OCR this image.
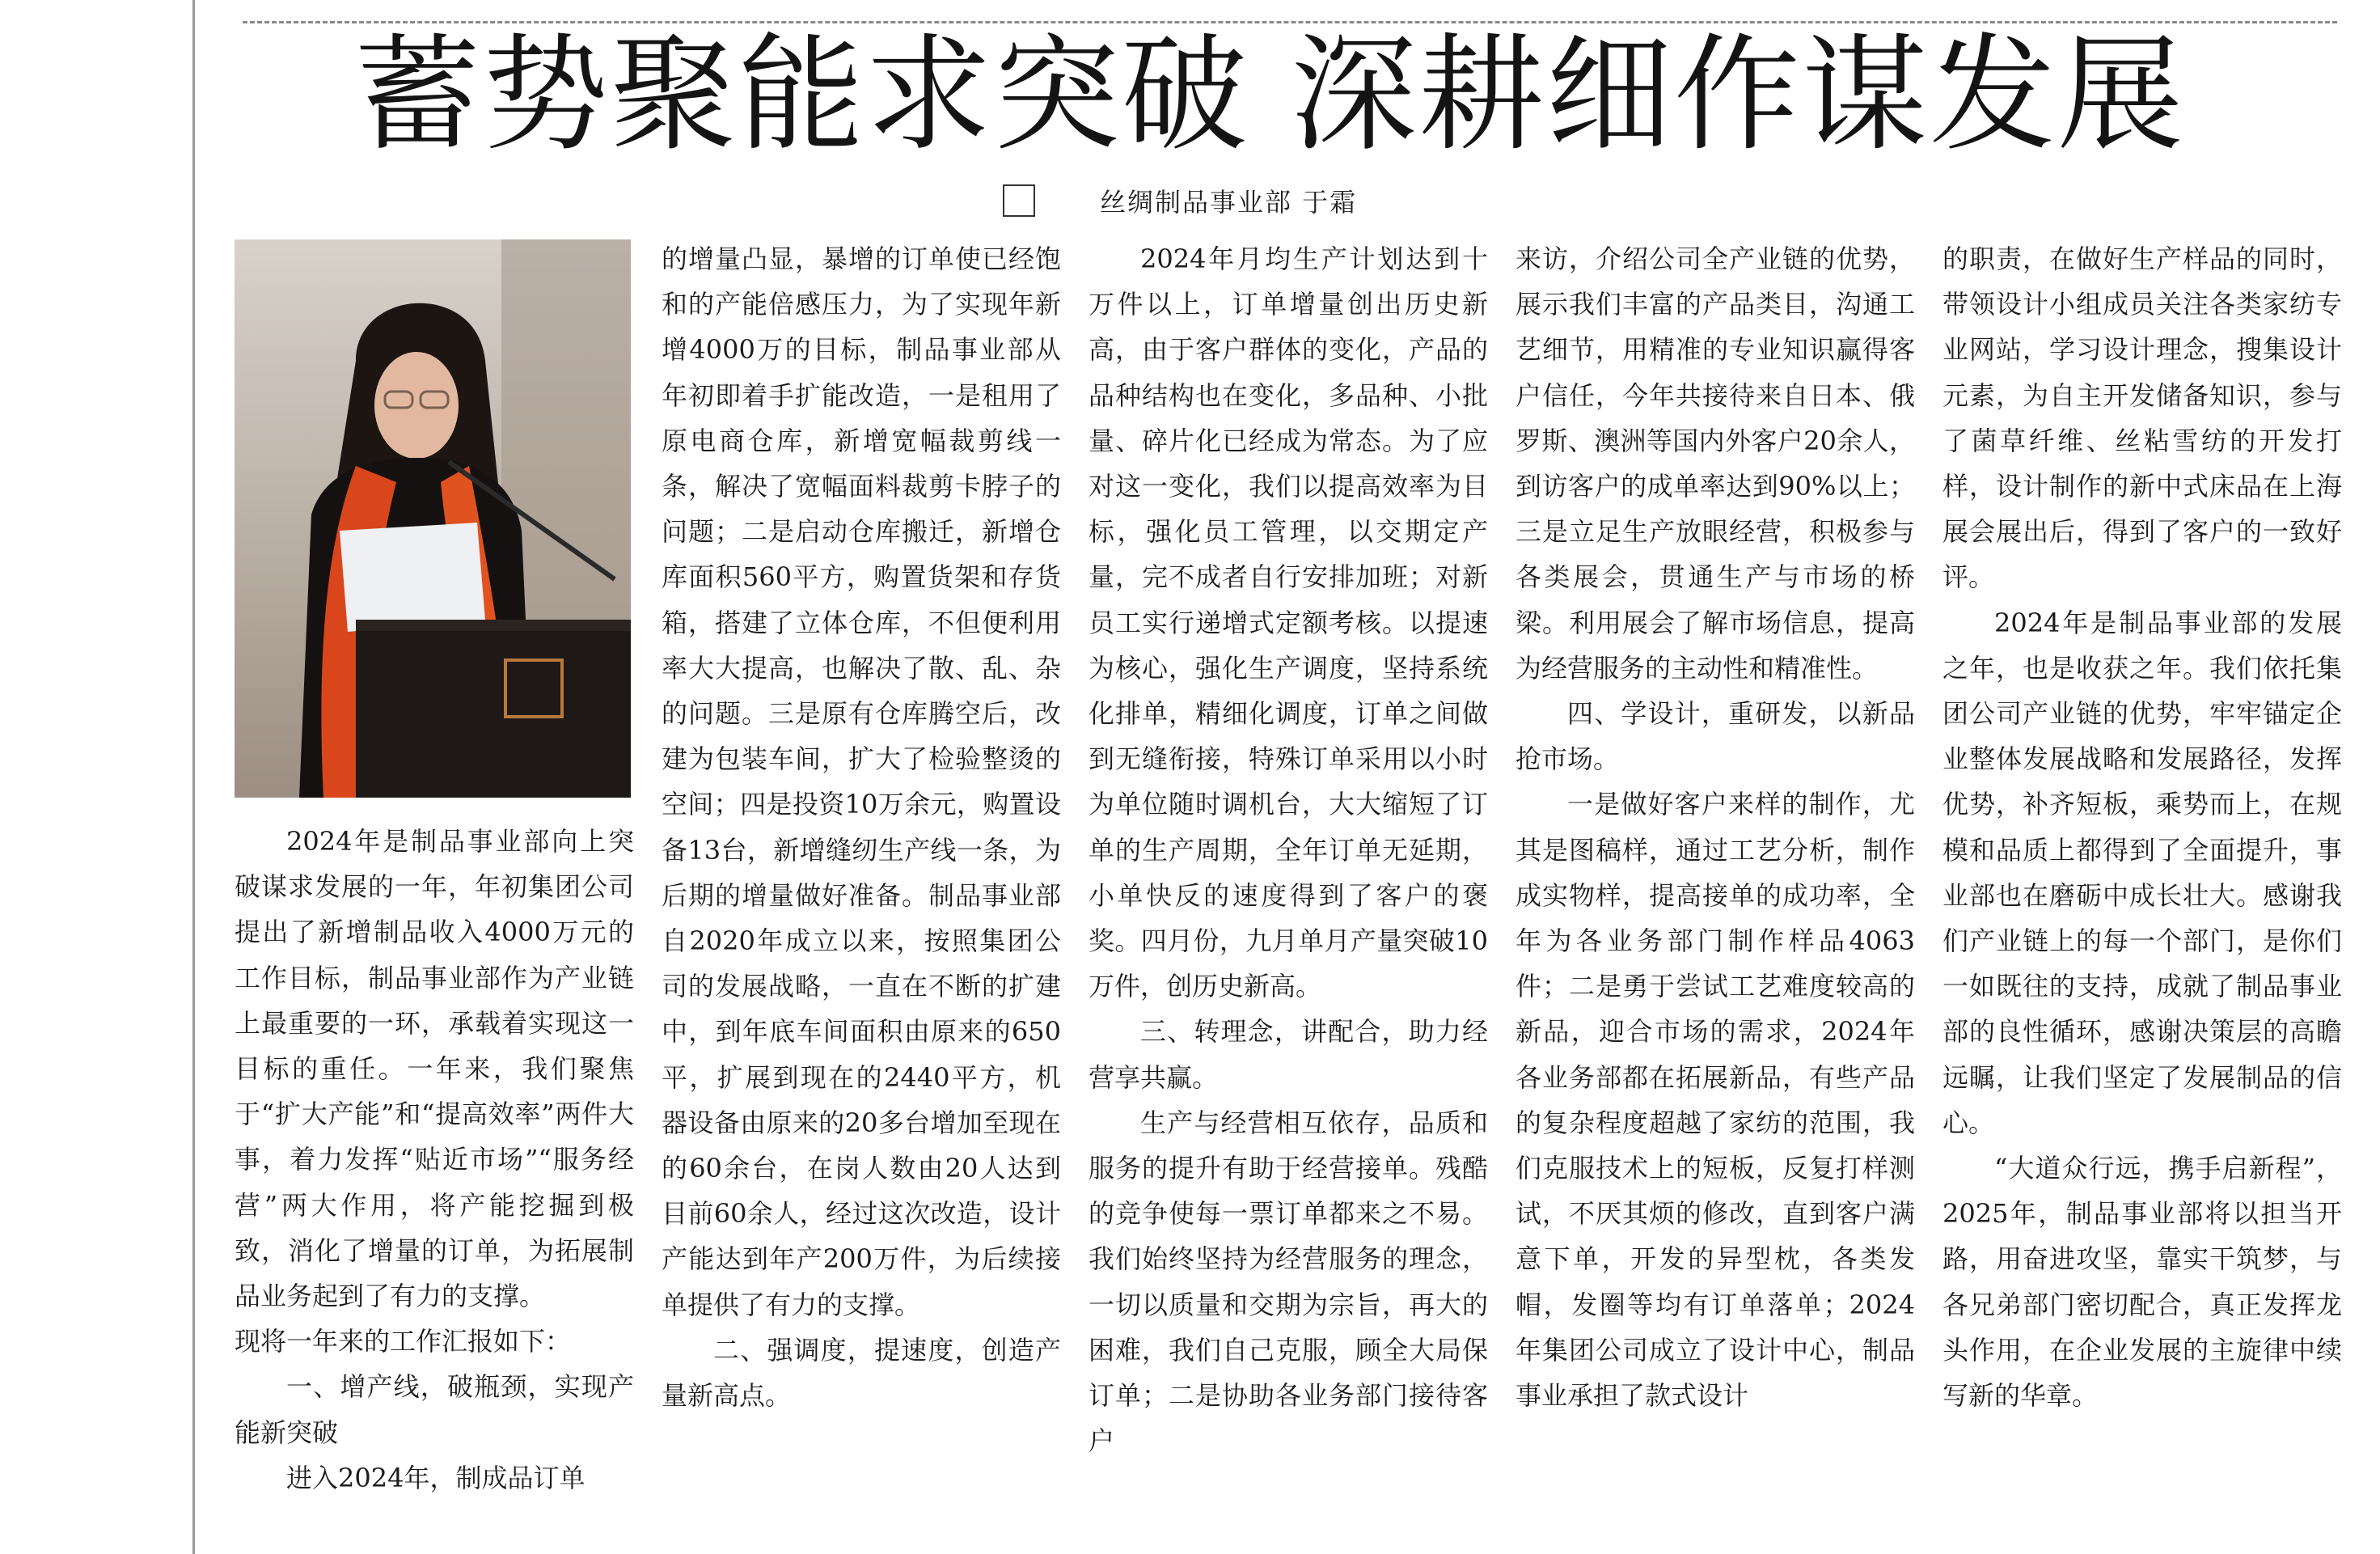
蓄势聚能求突破 深耕细作谋发展
丝绸制品事业部 于霜

2024年是制品事业部向上突破谋求发展的一年，年初集团公司提出了新增制品收入4000万元的工作目标，制品事业部作为产业链上最重要的一环，承载着实现这一目标的重任。一年来，我们聚焦于“扩大产能”和“提高效率”两件大事，着力发挥“贴近市场”“服务经营”两大作用，将产能挖掘到极致，消化了增量的订单，为拓展制品业务起到了有力的支撑。

现将一年来的工作汇报如下：

一、增产线，破瓶颈，实现产能新突破

进入2024年，制成品订单

的增量凸显，暴增的订单使已经饱和的产能倍感压力，为了实现年新增4000万的目标，制品事业部从年初即着手扩能改造，一是租用了原电商仓库，新增宽幅裁剪线一条，解决了宽幅面料裁剪卡脖子的问题；二是启动仓库搬迁，新增仓库面积560平方，购置货架和存货箱，搭建了立体仓库，不但便利用率大大提高，也解决了散、乱、杂的问题。三是原有仓库腾空后，改建为包装车间，扩大了检验整烫的空间；四是投资10万余元，购置设备13台，新增缝纫生产线一条，为后期的增量做好准备。制品事业部自2020年成立以来，按照集团公司的发展战略，一直在不断的扩建中，到年底车间面积由原来的650平，扩展到现在的2440平方，机器设备由原来的20多台增加至现在的60余台，在岗人数由20人达到目前60余人，经过这次改造，设计产能达到年产200万件，为后续接单提供了有力的支撑。

二、强调度，提速度，创造产量新高点。

2024年月均生产计划达到十万件以上，订单增量创出历史新高，由于客户群体的变化，产品的品种结构也在变化，多品种、小批量、碎片化已经成为常态。为了应对这一变化，我们以提高效率为目标，强化员工管理，以交期定产量，完不成者自行安排加班；对新员工实行递增式定额考核。以提速为核心，强化生产调度，坚持系统化排单，精细化调度，订单之间做到无缝衔接，特殊订单采用以小时为单位随时调机台，大大缩短了订单的生产周期，全年订单无延期，小单快反的速度得到了客户的褒奖。四月份，九月单月产量突破10万件，创历史新高。

三、转理念，讲配合，助力经营享共赢。

生产与经营相互依存，品质和服务的提升有助于经营接单。残酷的竞争使每一票订单都来之不易。我们始终坚持为经营服务的理念，一切以质量和交期为宗旨，再大的困难，我们自己克服，顾全大局保订单；二是协助各业务部门接待客户

来访，介绍公司全产业链的优势，展示我们丰富的产品类目，沟通工艺细节，用精准的专业知识赢得客户信任，今年共接待来自日本、俄罗斯、澳洲等国内外客户20余人，到访客户的成单率达到90%以上；三是立足生产放眼经营，积极参与各类展会，贯通生产与市场的桥梁。利用展会了解市场信息，提高为经营服务的主动性和精准性。

四、学设计，重研发，以新品抢市场。

一是做好客户来样的制作，尤其是图稿样，通过工艺分析，制作成实物样，提高接单的成功率，全年为各业务部门制作样品4063件；二是勇于尝试工艺难度较高的新品，迎合市场的需求，2024年各业务部都在拓展新品，有些产品的复杂程度超越了家纺的范围，我们克服技术上的短板，反复打样测试，不厌其烦的修改，直到客户满意下单，开发的异型枕，各类发帽，发圈等均有订单落单；2024年集团公司成立了设计中心，制品事业承担了款式设计

的职责，在做好生产样品的同时，带领设计小组成员关注各类家纺专业网站，学习设计理念，搜集设计元素，为自主开发储备知识，参与了菌草纤维、丝粘雪纺的开发打样，设计制作的新中式床品在上海展会展出后，得到了客户的一致好评。

2024年是制品事业部的发展之年，也是收获之年。我们依托集团公司产业链的优势，牢牢锚定企业整体发展战略和发展路径，发挥优势，补齐短板，乘势而上，在规模和品质上都得到了全面提升，事业部也在磨砺中成长壮大。感谢我们产业链上的每一个部门，是你们一如既往的支持，成就了制品事业部的良性循环，感谢决策层的高瞻远瞩，让我们坚定了发展制品的信心。

“大道众行远，携手启新程”，2025年，制品事业部将以担当开路，用奋进攻坚，靠实干筑梦，与各兄弟部门密切配合，真正发挥龙头作用，在企业发展的主旋律中续写新的华章。
